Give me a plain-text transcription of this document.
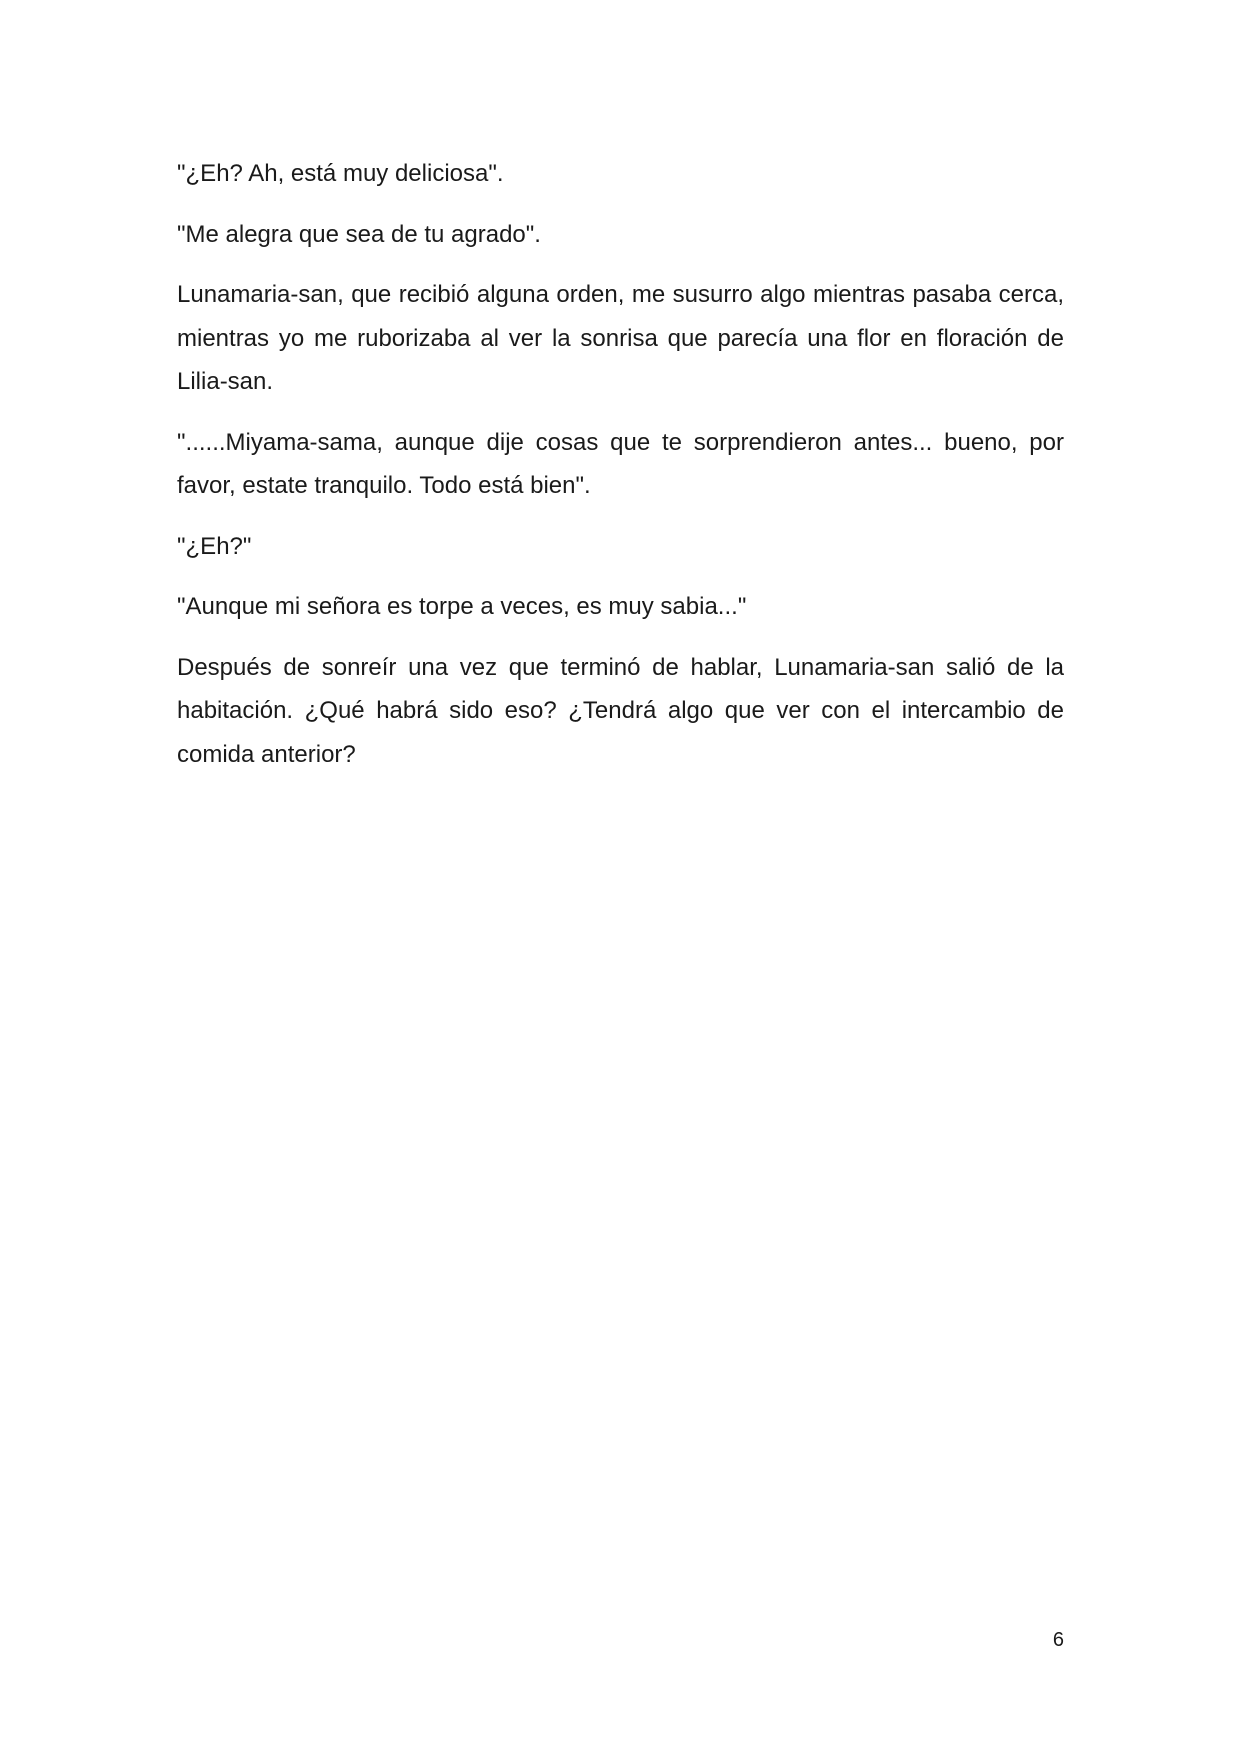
"¿Eh? Ah, está muy deliciosa".

"Me alegra que sea de tu agrado".

Lunamaria-san, que recibió alguna orden, me susurro algo mientras pasaba cerca, mientras yo me ruborizaba al ver la sonrisa que parecía una flor en floración de Lilia-san.

"......Miyama-sama, aunque dije cosas que te sorprendieron antes... bueno, por favor, estate tranquilo. Todo está bien".

"¿Eh?"

"Aunque mi señora es torpe a veces, es muy sabia..."

Después de sonreír una vez que terminó de hablar, Lunamaria-san salió de la habitación. ¿Qué habrá sido eso? ¿Tendrá algo que ver con el intercambio de comida anterior?

6
